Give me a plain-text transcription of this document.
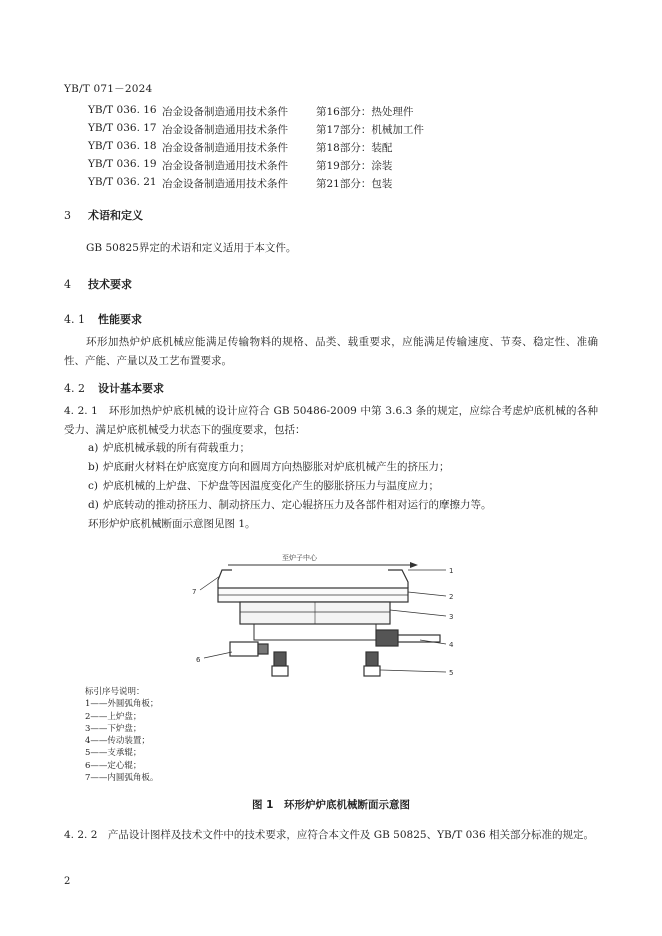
YB/T 071－2024
YB/T 036. 16 冶金设备制造通用技术条件	第16部分：热处理件
YB/T 036. 17 冶金设备制造通用技术条件	第17部分：机械加工件
YB/T 036. 18 冶金设备制造通用技术条件	第18部分：装配
YB/T 036. 19 冶金设备制造通用技术条件	第19部分：涂装
YB/T 036. 21 冶金设备制造通用技术条件	第21部分：包装
3 术语和定义
GB 50825界定的术语和定义适用于本文件。
4 技术要求
4. 1 性能要求
环形加热炉炉底机械应能满足传输物料的规格、品类、载重要求，应能满足传输速度、节奏、稳定性、准确性、产能、产量以及工艺布置要求。
4. 2 设计基本要求
4. 2. 1　环形加热炉炉底机械的设计应符合 GB 50486-2009 中第 3.6.3 条的规定，应综合考虑炉底机械的各种受力、满足炉底机械受力状态下的强度要求，包括：
a) 炉底机械承载的所有荷载重力；
b) 炉底耐火材料在炉底宽度方向和圆周方向热膨胀对炉底机械产生的挤压力；
c) 炉底机械的上炉盘、下炉盘等因温度变化产生的膨胀挤压力与温度应力；
d) 炉底转动的推动挤压力、制动挤压力、定心辊挤压力及各部件相对运行的摩擦力等。
环形炉炉底机械断面示意图见图 1。
至炉子中心
1
2
3
4
5
6
7
标引序号说明：
1——外圆弧角板；
2——上炉盘；
3——下炉盘；
4——传动装置；
5——支承辊；
6——定心辊；
7——内圆弧角板。
图 1　环形炉炉底机械断面示意图
4. 2. 2　产品设计图样及技术文件中的技术要求，应符合本文件及 GB 50825、YB/T 036 相关部分标准的规定。
2
